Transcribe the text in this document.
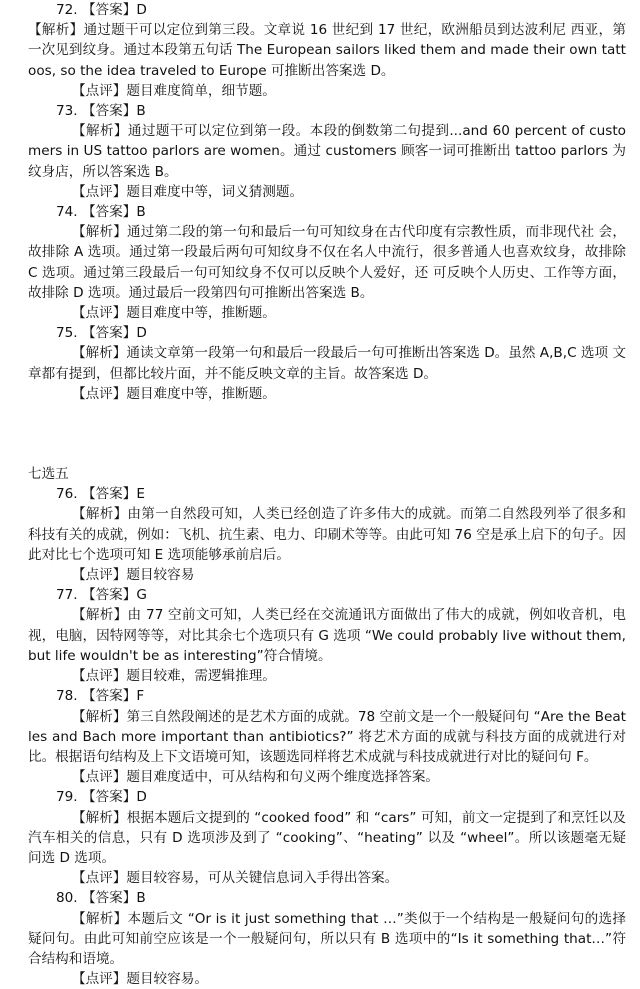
72. 【答案】D

【解析】通过题干可以定位到第三段。文章说 16 世纪到 17 世纪，欧洲船员到达波利尼 西亚，第一次见到纹身。通过本段第五句话 The European sailors liked them and made their own tattoos, so the idea traveled to Europe 可推断出答案选 D。

【点评】题目难度简单，细节题。

73. 【答案】B

【解析】通过题干可以定位到第一段。本段的倒数第二句提到...and 60 percent of customers in US tattoo parlors are women。通过 customers 顾客一词可推断出 tattoo parlors 为纹身店，所以答案选 B。

【点评】题目难度中等，词义猜测题。

74. 【答案】B

【解析】通过第二段的第一句和最后一句可知纹身在古代印度有宗教性质，而非现代社 会，故排除 A 选项。通过第一段最后两句可知纹身不仅在名人中流行，很多普通人也喜欢纹身，故排除 C 选项。通过第三段最后一句可知纹身不仅可以反映个人爱好，还 可反映个人历史、工作等方面，故排除 D 选项。通过最后一段第四句可推断出答案选 B。

【点评】题目难度中等，推断题。

75. 【答案】D

【解析】通读文章第一段第一句和最后一段最后一句可推断出答案选 D。虽然 A,B,C 选项 文章都有提到，但都比较片面，并不能反映文章的主旨。故答案选 D。

【点评】题目难度中等，推断题。

七选五

76. 【答案】E

【解析】由第一自然段可知，人类已经创造了许多伟大的成就。而第二自然段列举了很多和科技有关的成就，例如：飞机、抗生素、电力、印刷术等等。由此可知 76 空是承上启下的句子。因此对比七个选项可知 E 选项能够承前启后。

【点评】题目较容易

77. 【答案】G

【解析】由 77 空前文可知，人类已经在交流通讯方面做出了伟大的成就，例如收音机，电视，电脑，因特网等等，对比其余七个选项只有 G 选项 “We could probably live without them, but life wouldn't be as interesting”符合情境。

【点评】题目较难，需逻辑推理。

78. 【答案】F

【解析】第三自然段阐述的是艺术方面的成就。78 空前文是一个一般疑问句 “Are the Beatles and Bach more important than antibiotics?” 将艺术方面的成就与科技方面的成就进行对比。根据语句结构及上下文语境可知，该题选同样将艺术成就与科技成就进行对比的疑问句 F。

【点评】题目难度适中，可从结构和句义两个维度选择答案。

79. 【答案】D

【解析】根据本题后文提到的 “cooked food” 和 “cars” 可知，前文一定提到了和烹饪以及汽车相关的信息，只有 D 选项涉及到了 “cooking”、“heating” 以及 “wheel”。所以该题毫无疑问选 D 选项。

【点评】题目较容易，可从关键信息词入手得出答案。

80. 【答案】B

【解析】本题后文 “Or is it just something that …”类似于一个结构是一般疑问句的选择疑问句。由此可知前空应该是一个一般疑问句，所以只有 B 选项中的“Is it something that…”符合结构和语境。

【点评】题目较容易。
